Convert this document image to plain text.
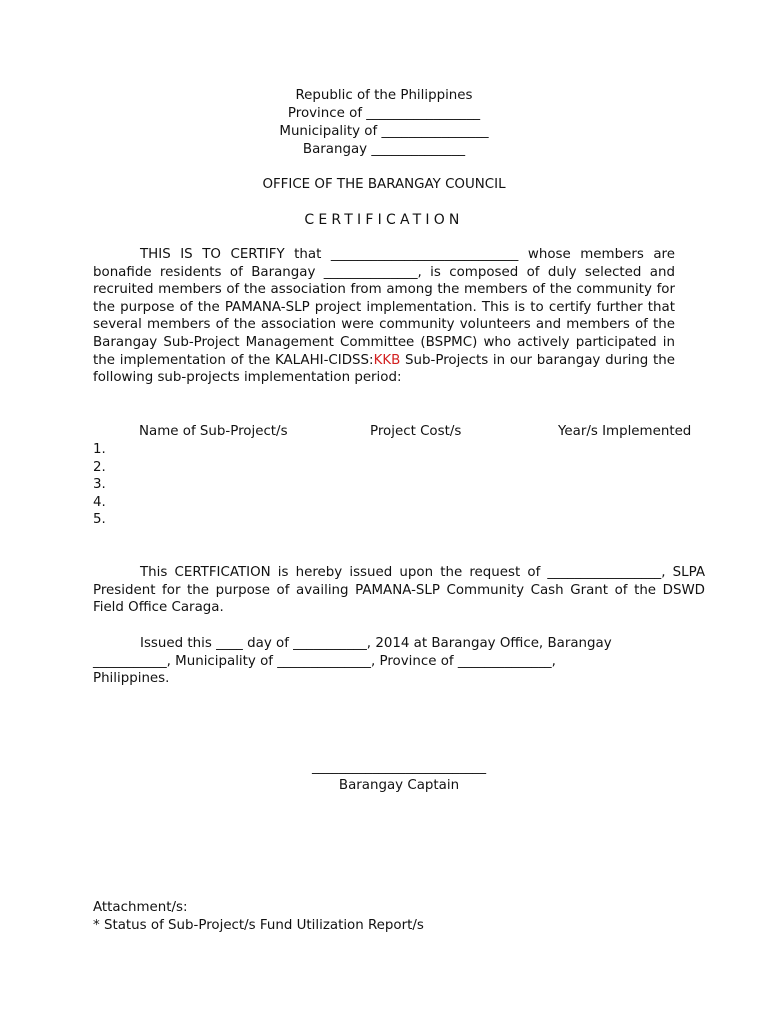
Republic of the Philippines
Province of _________________
Municipality of ________________
Barangay ______________
OFFICE OF THE BARANGAY COUNCIL
CERTIFICATION
THIS IS TO CERTIFY that ____________________________ whose members are bonafide residents of Barangay ______________, is composed of duly selected and recruited members of the association from among the members of the community for the purpose of the PAMANA-SLP project implementation. This is to certify further that several members of the association were community volunteers and members of the Barangay Sub-Project Management Committee (BSPMC) who actively participated in the implementation of the KALAHI-CIDSS:KKB Sub-Projects in our barangay during the following sub-projects implementation period:
Name of Sub-Project/s	Project Cost/s	Year/s Implemented
1.
2.
3.
4.
5.
This CERTFICATION is hereby issued upon the request of _________________, SLPA President for the purpose of availing PAMANA-SLP Community Cash Grant of the DSWD Field Office Caraga.
Issued this ____ day of ___________, 2014 at Barangay Office, Barangay
___________, Municipality of ______________, Province of ______________,
Philippines.
__________________________
Barangay Captain
Attachment/s:
* Status of Sub-Project/s Fund Utilization Report/s
